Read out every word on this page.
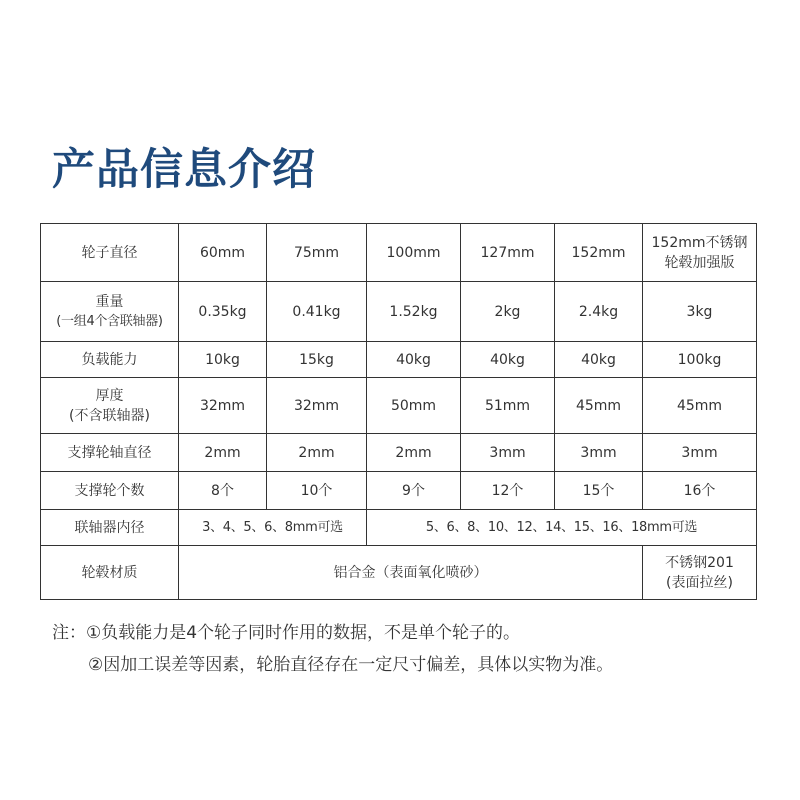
产品信息介绍
轮子直径	60mm	75mm	100mm	127mm	152mm	152mm不锈钢
轮毂加强版

重量
(一组4个含联轴器)	0.35kg	0.41kg	1.52kg	2kg	2.4kg	3kg
负载能力	10kg	15kg	40kg	40kg	40kg	100kg

厚度
(不含联轴器)	32mm	32mm	50mm	51mm	45mm	45mm
支撑轮轴直径	2mm	2mm	2mm	3mm	3mm	3mm
支撑轮个数	8个	10个	9个	12个	15个	16个
联轴器内径	3、4、5、6、8mm可选		5、6、8、10、12、14、15、16、18mm可选			
轮毂材质	铝合金（表面氧化喷砂）					不锈钢201
(表面拉丝)
注：①负载能力是4个轮子同时作用的数据，不是单个轮子的。
②因加工误差等因素，轮胎直径存在一定尺寸偏差，具体以实物为准。
